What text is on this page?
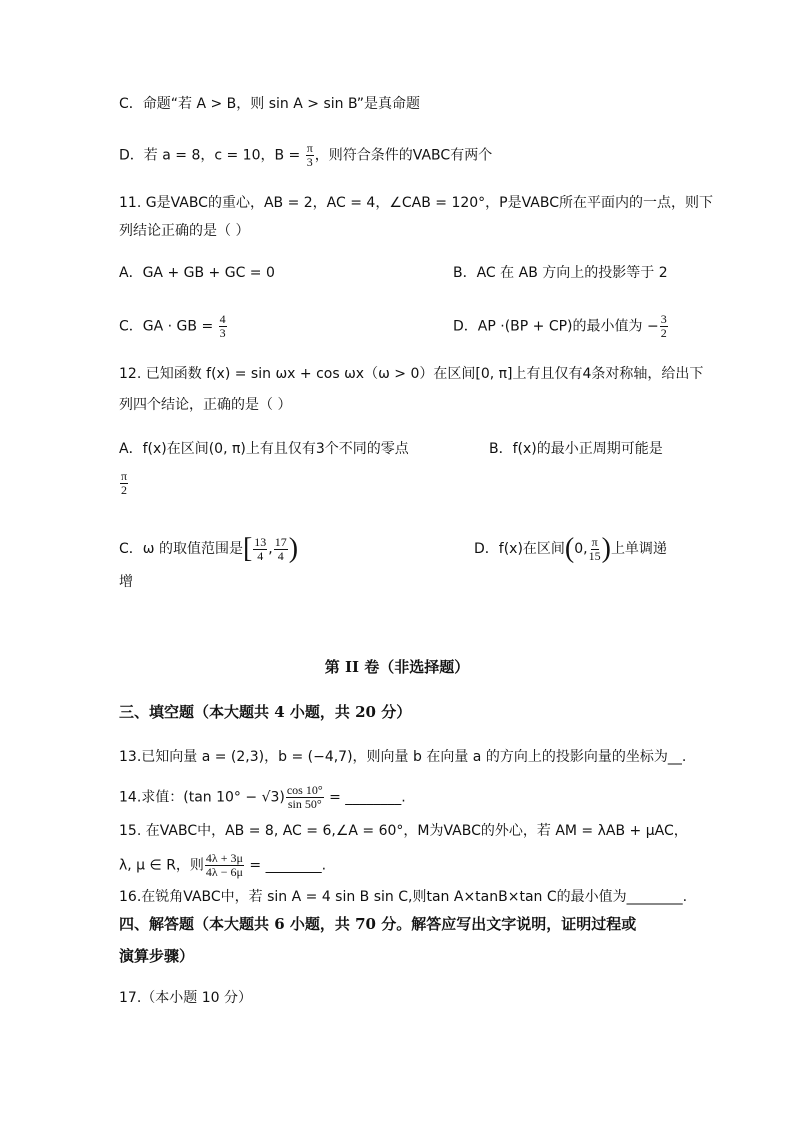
C．命题“若 A > B，则 sin A > sin B”是真命题
D．若 a = 8，c = 10，$B = \frac{\pi}{3}$ ，则符合条件的VABC有两个
11. G是VABC的重心，AB = 2，AC = 4，∠CAB = 120°，P是VABC所在平面内的一点，则下
列结论正确的是（ ）
A．GA + GB + GC = 0	B．AC 在 AB 方向上的投影等于 2
C．GA · GB = $\frac{4}{3}$	D．AP ·(BP + CP)的最小值为 − $\frac{3}{2}$
12. 已知函数 f(x) = sin ωx + cos ωx（ω > 0）在区间[0, π]上有且仅有4条对称轴，给出下
列四个结论，正确的是（ ）
A．f(x)在区间(0, π)上有且仅有3个不同的零点	B．f(x)的最小正周期可能是
$\frac{\pi}{2}$
C．ω 的取值范围是[ $\frac{13}{4}$ , $\frac{17}{4}$ )	D．f(x)在区间(0, $\frac{\pi}{15}$ )上单调递
增
第 II 卷（非选择题）
三、填空题（本大题共 4 小题，共 20 分）
13.已知向量 a = (2,3)，b = (−4,7)，则向量 b 在向量 a 的方向上的投影向量的坐标为__.
14.求值：(tan $10^\circ - √3) \frac{\cos 10^\circ}{\sin 50^\circ}$ = ________.
15. 在VABC中，AB = 8, AC = 6,∠A = 60°，M为VABC的外心，若 AM = λAB + μAC，
λ, μ ∈ R，则 $\frac{4\lambda + 3\mu}{4\lambda - 6\mu}$ = ________.
16.在锐角VABC中，若 sin A = 4 sin B sin C,则tan A×tanB×tan C的最小值为________.
四、解答题（本大题共 6 小题，共 70 分。解答应写出文字说明，证明过程或
演算步骤）
17.（本小题 10 分）
